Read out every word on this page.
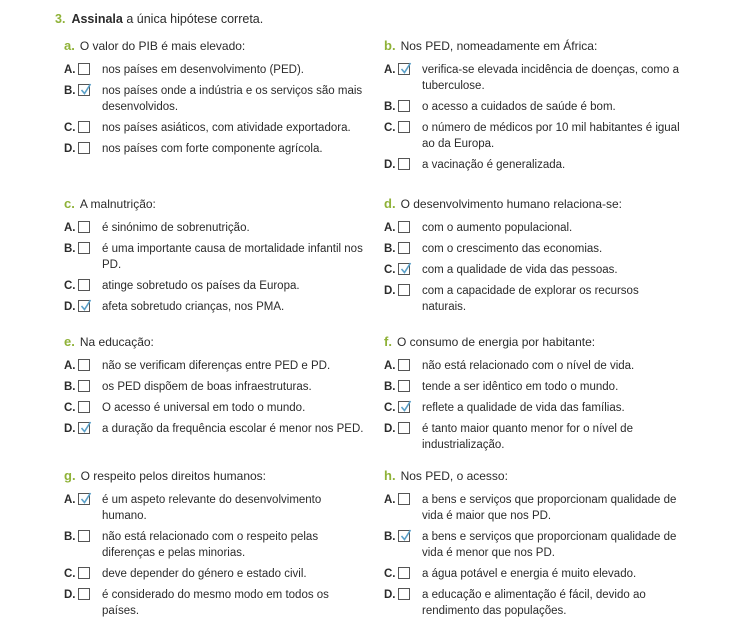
3. Assinala a única hipótese correta.
a. O valor do PIB é mais elevado:
A. nos países em desenvolvimento (PED).
B. nos países onde a indústria e os serviços são mais desenvolvidos.
C. nos países asiáticos, com atividade exportadora.
D. nos países com forte componente agrícola.
b. Nos PED, nomeadamente em África:
A. verifica-se elevada incidência de doenças, como a tuberculose.
B. o acesso a cuidados de saúde é bom.
C. o número de médicos por 10 mil habitantes é igual ao da Europa.
D. a vacinação é generalizada.
c. A malnutrição:
A. é sinónimo de sobrenutrição.
B. é uma importante causa de mortalidade infantil nos PD.
C. atinge sobretudo os países da Europa.
D. afeta sobretudo crianças, nos PMA.
d. O desenvolvimento humano relaciona-se:
A. com o aumento populacional.
B. com o crescimento das economias.
C. com a qualidade de vida das pessoas.
D. com a capacidade de explorar os recursos naturais.
e. Na educação:
A. não se verificam diferenças entre PED e PD.
B. os PED dispõem de boas infraestruturas.
C. O acesso é universal em todo o mundo.
D. a duração da frequência escolar é menor nos PED.
f. O consumo de energia por habitante:
A. não está relacionado com o nível de vida.
B. tende a ser idêntico em todo o mundo.
C. reflete a qualidade de vida das famílias.
D. é tanto maior quanto menor for o nível de industrialização.
g. O respeito pelos direitos humanos:
A. é um aspeto relevante do desenvolvimento humano.
B. não está relacionado com o respeito pelas diferenças e pelas minorias.
C. deve depender do género e estado civil.
D. é considerado do mesmo modo em todos os países.
h. Nos PED, o acesso:
A. a bens e serviços que proporcionam qualidade de vida é maior que nos PD.
B. a bens e serviços que proporcionam qualidade de vida é menor que nos PD.
C. a água potável e energia é muito elevado.
D. a educação e alimentação é fácil, devido ao rendimento das populações.
